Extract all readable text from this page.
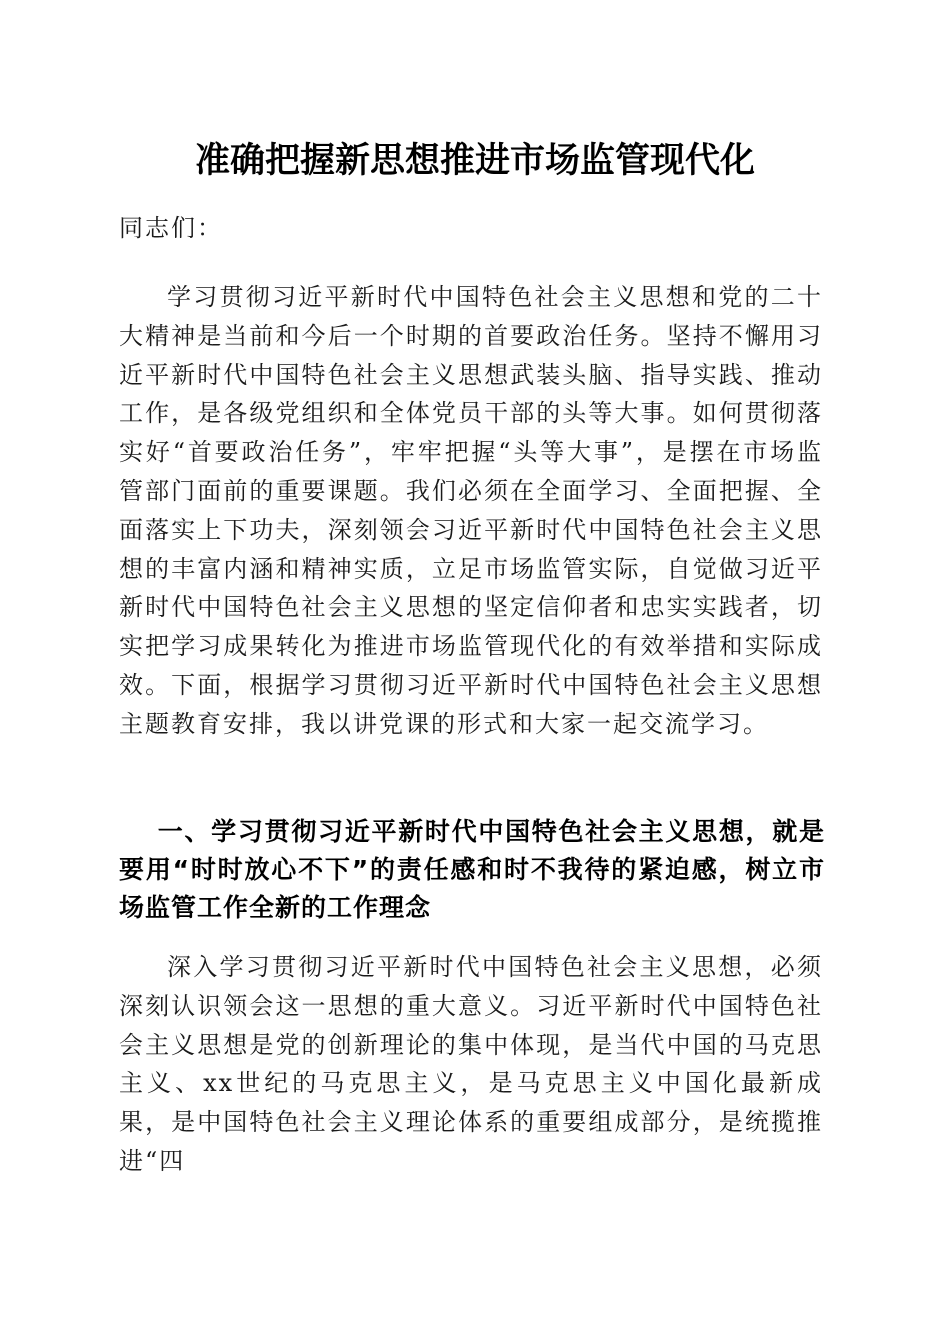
准确把握新思想推进市场监管现代化

同志们：

学习贯彻习近平新时代中国特色社会主义思想和党的二十大精神是当前和今后一个时期的首要政治任务。坚持不懈用习近平新时代中国特色社会主义思想武装头脑、指导实践、推动工作，是各级党组织和全体党员干部的头等大事。如何贯彻落实好“首要政治任务”，牢牢把握“头等大事”，是摆在市场监管部门面前的重要课题。我们必须在全面学习、全面把握、全面落实上下功夫，深刻领会习近平新时代中国特色社会主义思想的丰富内涵和精神实质，立足市场监管实际，自觉做习近平新时代中国特色社会主义思想的坚定信仰者和忠实实践者，切实把学习成果转化为推进市场监管现代化的有效举措和实际成效。下面，根据学习贯彻习近平新时代中国特色社会主义思想主题教育安排，我以讲党课的形式和大家一起交流学习。

一、学习贯彻习近平新时代中国特色社会主义思想，就是要用“时时放心不下”的责任感和时不我待的紧迫感，树立市场监管工作全新的工作理念

深入学习贯彻习近平新时代中国特色社会主义思想，必须深刻认识领会这一思想的重大意义。习近平新时代中国特色社会主义思想是党的创新理论的集中体现，是当代中国的马克思主义、xx世纪的马克思主义，是马克思主义中国化最新成果，是中国特色社会主义理论体系的重要组成部分，是统揽推进“四
